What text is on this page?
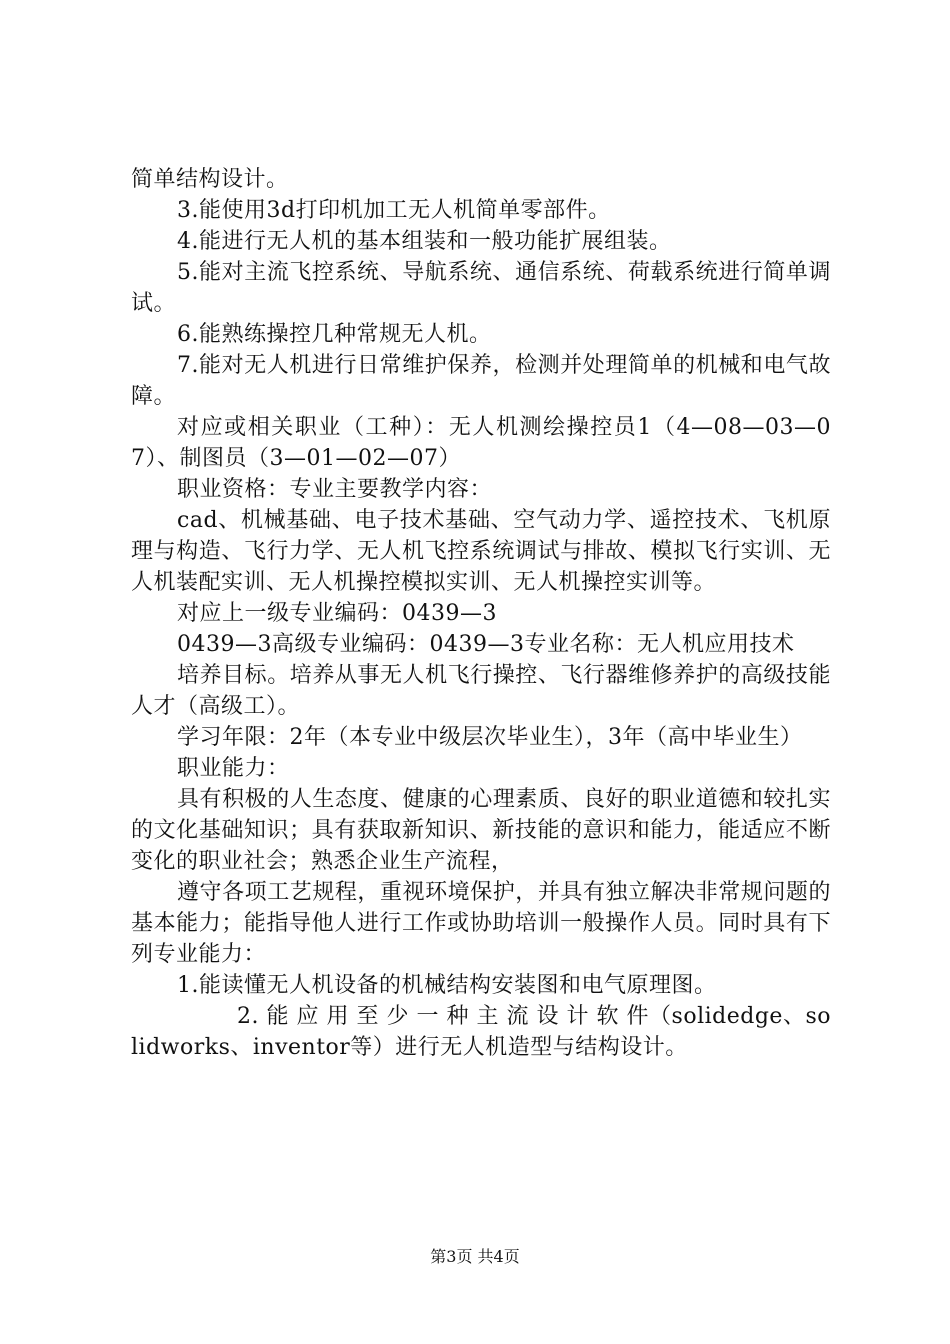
简单结构设计。

3.能使用3d打印机加工无人机简单零部件。

4.能进行无人机的基本组装和一般功能扩展组装。

5.能对主流飞控系统、导航系统、通信系统、荷载系统进行简单调试。

6.能熟练操控几种常规无人机。

7.能对无人机进行日常维护保养，检测并处理简单的机械和电气故障。

对应或相关职业（工种）：无人机测绘操控员1（4—08—03—07）、制图员（3—01—02—07）

职业资格：专业主要教学内容：

cad、机械基础、电子技术基础、空气动力学、遥控技术、飞机原理与构造、飞行力学、无人机飞控系统调试与排故、模拟飞行实训、无人机装配实训、无人机操控模拟实训、无人机操控实训等。

对应上一级专业编码：0439—3

0439—3高级专业编码：0439—3专业名称：无人机应用技术

培养目标。培养从事无人机飞行操控、飞行器维修养护的高级技能人才（高级工）。

学习年限：2年（本专业中级层次毕业生），3年（高中毕业生）

职业能力：

具有积极的人生态度、健康的心理素质、良好的职业道德和较扎实的文化基础知识；具有获取新知识、新技能的意识和能力，能适应不断变化的职业社会；熟悉企业生产流程，

遵守各项工艺规程，重视环境保护，并具有独立解决非常规问题的基本能力；能指导他人进行工作或协助培训一般操作人员。同时具有下列专业能力：

1.能读懂无人机设备的机械结构安装图和电气原理图。

2. 能 应 用 至 少 一 种 主 流 设 计 软 件（solidedge、solidworks、inventor等）进行无人机造型与结构设计。

第3页 共4页
